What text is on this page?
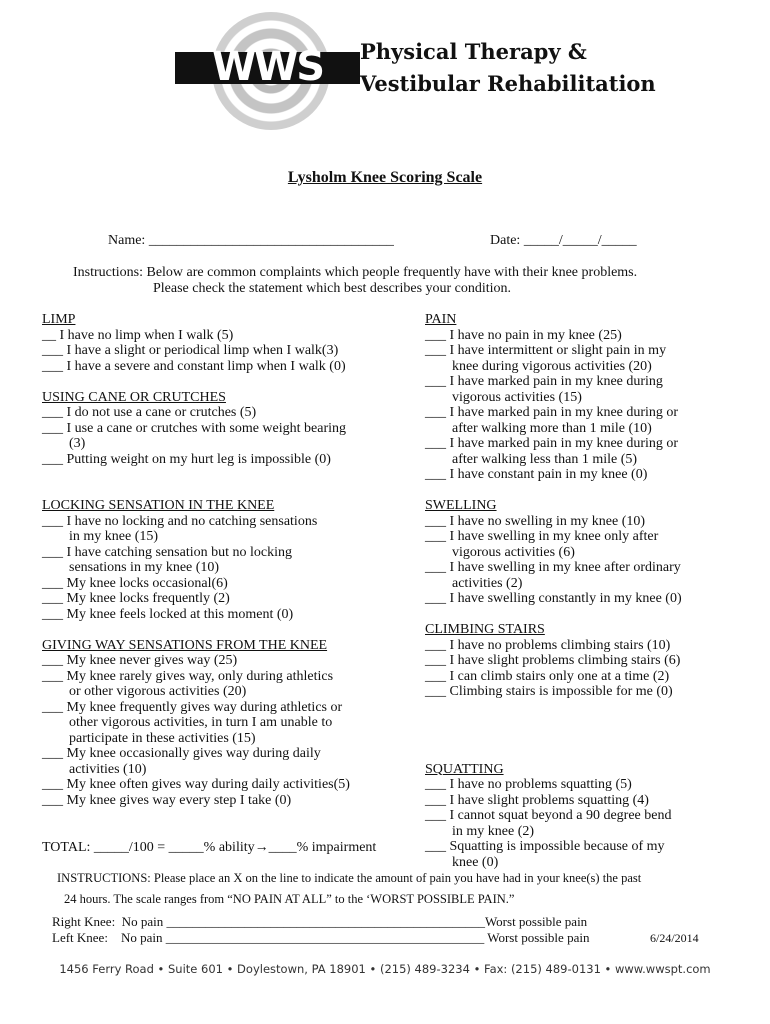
WWS	Physical Therapy &
Vestibular Rehabilitation
Lysholm Knee Scoring Scale
Name: ___________________________________	Date: _____/_____/_____
Instructions: Below are common complaints which people frequently have with their knee problems.
Please check the statement which best describes your condition.
LIMP
__ I have no limp when I walk (5)
___ I have a slight or periodical limp when I walk(3)
___ I have a severe and constant limp when I walk (0)
USING CANE OR CRUTCHES
___ I do not use a cane or crutches (5)
___ I use a cane or crutches with some weight bearing
(3)
___ Putting weight on my hurt leg is impossible (0)
LOCKING SENSATION IN THE KNEE
___ I have no locking and no catching sensations
in my knee (15)
___ I have catching sensation but no locking
sensations in my knee (10)
___ My knee locks occasional(6)
___ My knee locks frequently (2)
___ My knee feels locked at this moment (0)
GIVING WAY SENSATIONS FROM THE KNEE
___ My knee never gives way (25)
___ My knee rarely gives way, only during athletics
or other vigorous activities (20)
___ My knee frequently gives way during athletics or
other vigorous activities, in turn I am unable to
participate in these activities (15)
___ My knee occasionally gives way during daily
activities (10)
___ My knee often gives way during daily activities(5)
___ My knee gives way every step I take (0)
PAIN
___ I have no pain in my knee (25)
___ I have intermittent or slight pain in my
knee during vigorous activities (20)
___ I have marked pain in my knee during
vigorous activities (15)
___ I have marked pain in my knee during or
after walking more than 1 mile (10)
___ I have marked pain in my knee during or
after walking less than 1 mile (5)
___ I have constant pain in my knee (0)
SWELLING
___ I have no swelling in my knee (10)
___ I have swelling in my knee only after
vigorous activities (6)
___ I have swelling in my knee after ordinary
activities (2)
___ I have swelling constantly in my knee (0)
CLIMBING STAIRS
___ I have no problems climbing stairs (10)
___ I have slight problems climbing stairs (6)
___ I can climb stairs only one at a time (2)
___ Climbing stairs is impossible for me (0)
SQUATTING
___ I have no problems squatting (5)
___ I have slight problems squatting (4)
___ I cannot squat beyond a 90 degree bend
in my knee (2)
___ Squatting is impossible because of my
knee (0)
TOTAL: _____/100 = _____% ability→____% impairment
INSTRUCTIONS: Please place an X on the line to indicate the amount of pain you have had in your knee(s) the past
24 hours. The scale ranges from “NO PAIN AT ALL” to the ‘WORST POSSIBLE PAIN.”
Right Knee:  No pain _________________________________________________Worst possible pain
Left Knee:    No pain _________________________________________________ Worst possible pain	6/24/2014
1456 Ferry Road • Suite 601 • Doylestown, PA 18901 • (215) 489-3234 • Fax: (215) 489-0131 • www.wwspt.com
